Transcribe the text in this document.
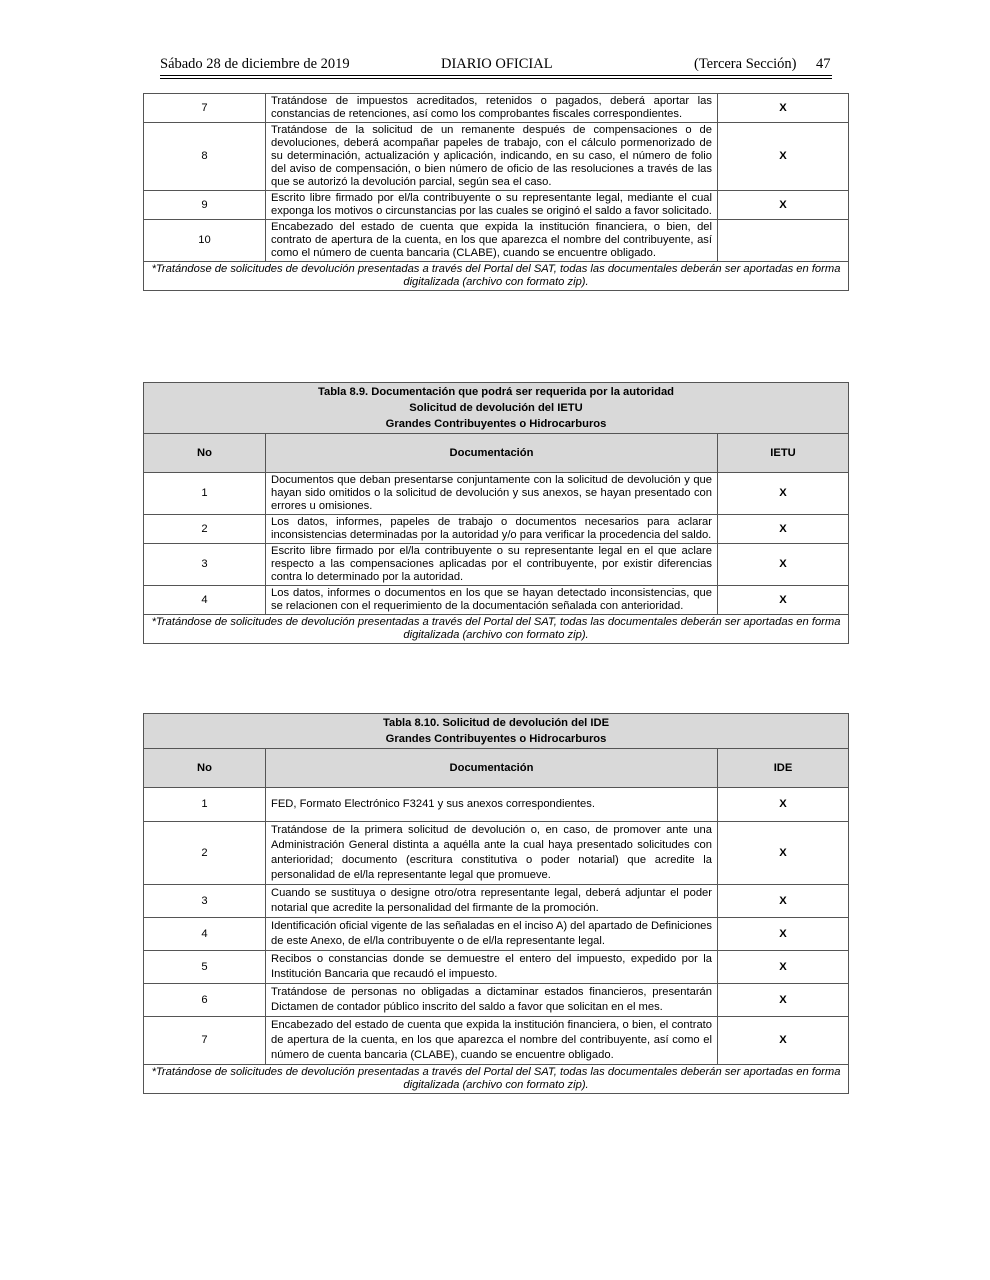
Sábado 28 de diciembre de 2019	DIARIO OFICIAL	(Tercera Sección) 47
7	Tratándose de impuestos acreditados, retenidos o pagados, deberá aportar las constancias de retenciones, así como los comprobantes fiscales correspondientes.	X
8	Tratándose de la solicitud de un remanente después de compensaciones o de devoluciones, deberá acompañar papeles de trabajo, con el cálculo pormenorizado de su determinación, actualización y aplicación, indicando, en su caso, el número de folio del aviso de compensación, o bien número de oficio de las resoluciones a través de las que se autorizó la devolución parcial, según sea el caso.	X
9	Escrito libre firmado por el/la contribuyente o su representante legal, mediante el cual exponga los motivos o circunstancias por las cuales se originó el saldo a favor solicitado.	X
10	Encabezado del estado de cuenta que expida la institución financiera, o bien, del contrato de apertura de la cuenta, en los que aparezca el nombre del contribuyente, así como el número de cuenta bancaria (CLABE), cuando se encuentre obligado.	
*Tratándose de solicitudes de devolución presentadas a través del Portal del SAT, todas las documentales deberán ser aportadas en forma digitalizada (archivo con formato zip).		
Tabla 8.9. Documentación que podrá ser requerida por la autoridad
Solicitud de devolución del IETU
Grandes Contribuyentes o Hidrocarburos		

No	Documentación	IETU
1	Documentos que deban presentarse conjuntamente con la solicitud de devolución y que hayan sido omitidos o la solicitud de devolución y sus anexos, se hayan presentado con errores u omisiones.	X
2	Los datos, informes, papeles de trabajo o documentos necesarios para aclarar inconsistencias determinadas por la autoridad y/o para verificar la procedencia del saldo.	X
3	Escrito libre firmado por el/la contribuyente o su representante legal en el que aclare respecto a las compensaciones aplicadas por el contribuyente, por existir diferencias contra lo determinado por la autoridad.	X
4	Los datos, informes o documentos en los que se hayan detectado inconsistencias, que se relacionen con el requerimiento de la documentación señalada con anterioridad.	X
*Tratándose de solicitudes de devolución presentadas a través del Portal del SAT, todas las documentales deberán ser aportadas en forma digitalizada (archivo con formato zip).		
Tabla 8.10. Solicitud de devolución del IDE
Grandes Contribuyentes o Hidrocarburos		

No	Documentación	IDE
1	FED, Formato Electrónico F3241 y sus anexos correspondientes.	X
2	Tratándose de la primera solicitud de devolución o, en caso, de promover ante una Administración General distinta a aquélla ante la cual haya presentado solicitudes con anterioridad; documento (escritura constitutiva o poder notarial) que acredite la personalidad de el/la representante legal que promueve.	X
3	Cuando se sustituya o designe otro/otra representante legal, deberá adjuntar el poder notarial que acredite la personalidad del firmante de la promoción.	X
4	Identificación oficial vigente de las señaladas en el inciso A) del apartado de Definiciones de este Anexo, de el/la contribuyente o de el/la representante legal.	X
5	Recibos o constancias donde se demuestre el entero del impuesto, expedido por la Institución Bancaria que recaudó el impuesto.	X
6	Tratándose de personas no obligadas a dictaminar estados financieros, presentarán Dictamen de contador público inscrito del saldo a favor que solicitan en el mes.	X
7	Encabezado del estado de cuenta que expida la institución financiera, o bien, el contrato de apertura de la cuenta, en los que aparezca el nombre del contribuyente, así como el número de cuenta bancaria (CLABE), cuando se encuentre obligado.	X
*Tratándose de solicitudes de devolución presentadas a través del Portal del SAT, todas las documentales deberán ser aportadas en forma digitalizada (archivo con formato zip).		
